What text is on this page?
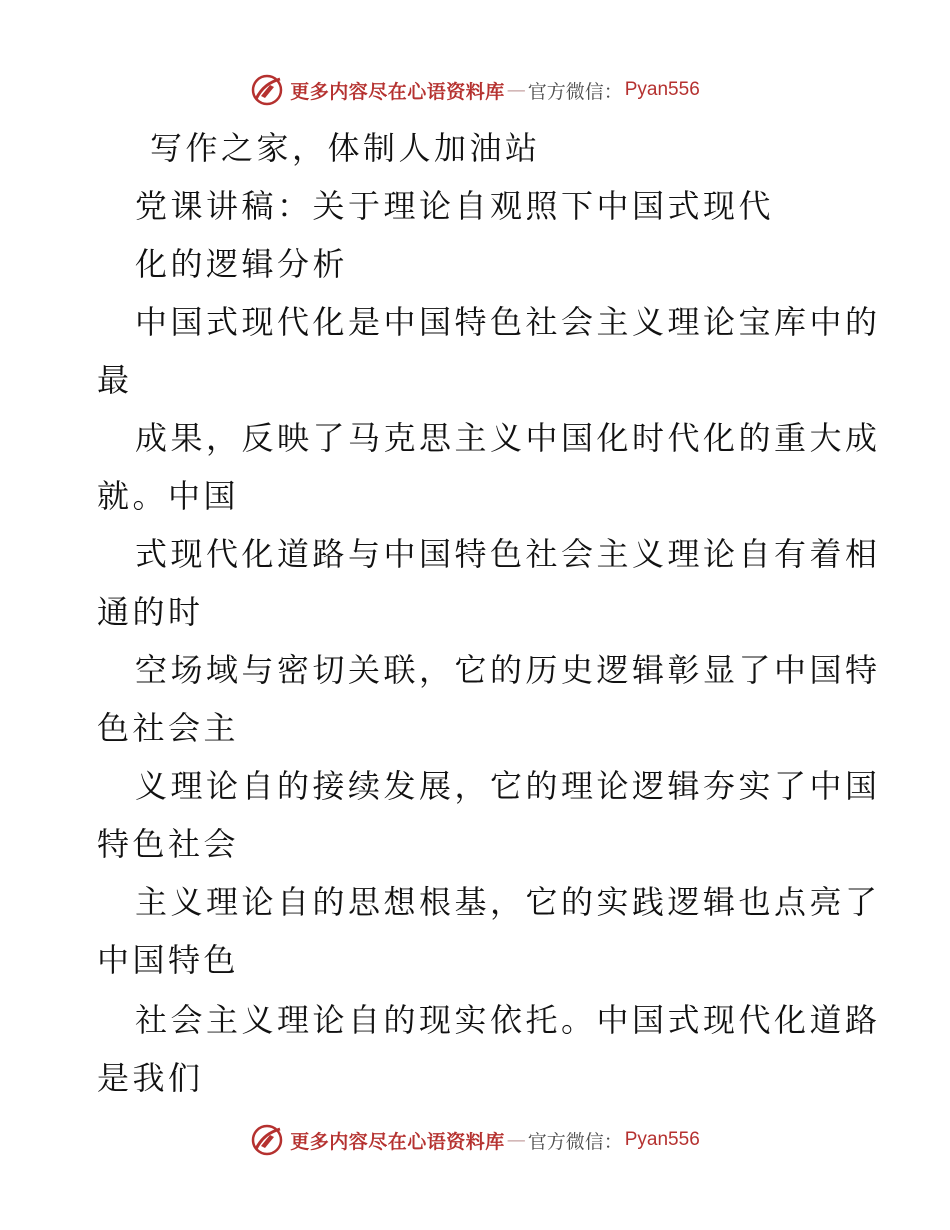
更多内容尽在心语资料库 — 官方微信： Pyan556
写作之家，体制人加油站
党课讲稿：关于理论自观照下中国式现代
化的逻辑分析
中国式现代化是中国特色社会主义理论宝库中的
最
成果，反映了马克思主义中国化时代化的重大成
就。中国
式现代化道路与中国特色社会主义理论自有着相
通的时
空场域与密切关联，它的历史逻辑彰显了中国特
色社会主
义理论自的接续发展，它的理论逻辑夯实了中国
特色社会
主义理论自的思想根基，它的实践逻辑也点亮了
中国特色
社会主义理论自的现实依托。中国式现代化道路
是我们
更多内容尽在心语资料库 — 官方微信： Pyan556
